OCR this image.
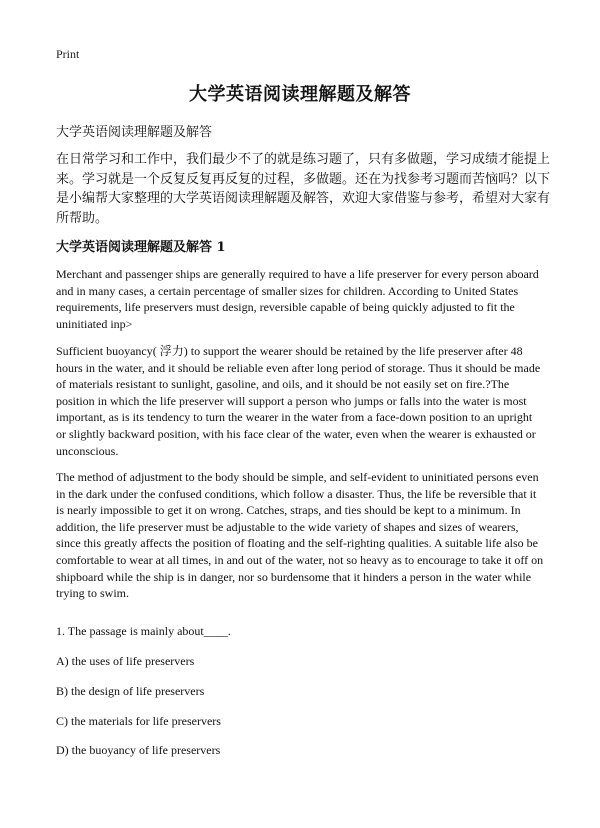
Print
大学英语阅读理解题及解答

大学英语阅读理解题及解答

在日常学习和工作中，我们最少不了的就是练习题了，只有多做题，学习成绩才能提上来。学习就是一个反复反复再反复的过程，多做题。还在为找参考习题而苦恼吗？以下是小编帮大家整理的大学英语阅读理解题及解答，欢迎大家借鉴与参考，希望对大家有所帮助。

大学英语阅读理解题及解答 1

Merchant and passenger ships are generally required to have a life preserver for every person aboard and in many cases, a certain percentage of smaller sizes for children. According to United States requirements, life preservers must design, reversible capable of being quickly adjusted to fit the uninitiated inp>

Sufficient buoyancy( 浮力) to support the wearer should be retained by the life preserver after 48 hours in the water, and it should be reliable even after long period of storage. Thus it should be made of materials resistant to sunlight, gasoline, and oils, and it should be not easily set on fire.?The position in which the life preserver will support a person who jumps or falls into the water is most important, as is its tendency to turn the wearer in the water from a face-down position to an upright or slightly backward position, with his face clear of the water, even when the wearer is exhausted or unconscious.

The method of adjustment to the body should be simple, and self-evident to uninitiated persons even in the dark under the confused conditions, which follow a disaster. Thus, the life be reversible that it is nearly impossible to get it on wrong. Catches, straps, and ties should be kept to a minimum. In addition, the life preserver must be adjustable to the wide variety of shapes and sizes of wearers, since this greatly affects the position of floating and the self-righting qualities. A suitable life also be comfortable to wear at all times, in and out of the water, not so heavy as to encourage to take it off on shipboard while the ship is in danger, nor so burdensome that it hinders a person in the water while trying to swim.

1. The passage is mainly about____.

A) the uses of life preservers

B) the design of life preservers

C) the materials for life preservers

D) the buoyancy of life preservers
